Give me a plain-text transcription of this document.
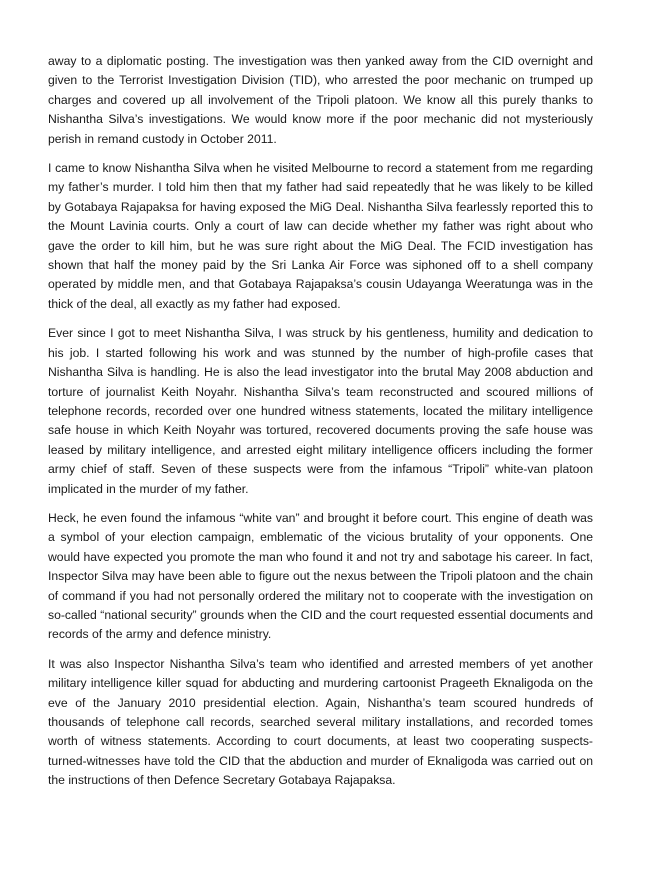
away to a diplomatic posting. The investigation was then yanked away from the CID overnight and given to the Terrorist Investigation Division (TID), who arrested the poor mechanic on trumped up charges and covered up all involvement of the Tripoli platoon. We know all this purely thanks to Nishantha Silva’s investigations. We would know more if the poor mechanic did not mysteriously perish in remand custody in October 2011.

I came to know Nishantha Silva when he visited Melbourne to record a statement from me regarding my father’s murder. I told him then that my father had said repeatedly that he was likely to be killed by Gotabaya Rajapaksa for having exposed the MiG Deal. Nishantha Silva fearlessly reported this to the Mount Lavinia courts. Only a court of law can decide whether my father was right about who gave the order to kill him, but he was sure right about the MiG Deal. The FCID investigation has shown that half the money paid by the Sri Lanka Air Force was siphoned off to a shell company operated by middle men, and that Gotabaya Rajapaksa’s cousin Udayanga Weeratunga was in the thick of the deal, all exactly as my father had exposed.

Ever since I got to meet Nishantha Silva, I was struck by his gentleness, humility and dedication to his job. I started following his work and was stunned by the number of high-profile cases that Nishantha Silva is handling. He is also the lead investigator into the brutal May 2008 abduction and torture of journalist Keith Noyahr. Nishantha Silva’s team reconstructed and scoured millions of telephone records, recorded over one hundred witness statements, located the military intelligence safe house in which Keith Noyahr was tortured, recovered documents proving the safe house was leased by military intelligence, and arrested eight military intelligence officers including the former army chief of staff. Seven of these suspects were from the infamous “Tripoli” white-van platoon implicated in the murder of my father.

Heck, he even found the infamous “white van” and brought it before court. This engine of death was a symbol of your election campaign, emblematic of the vicious brutality of your opponents. One would have expected you promote the man who found it and not try and sabotage his career. In fact, Inspector Silva may have been able to figure out the nexus between the Tripoli platoon and the chain of command if you had not personally ordered the military not to cooperate with the investigation on so-called “national security” grounds when the CID and the court requested essential documents and records of the army and defence ministry.

It was also Inspector Nishantha Silva’s team who identified and arrested members of yet another military intelligence killer squad for abducting and murdering cartoonist Prageeth Eknaligoda on the eve of the January 2010 presidential election. Again, Nishantha’s team scoured hundreds of thousands of telephone call records, searched several military installations, and recorded tomes worth of witness statements. According to court documents, at least two cooperating suspects-turned-witnesses have told the CID that the abduction and murder of Eknaligoda was carried out on the instructions of then Defence Secretary Gotabaya Rajapaksa.
